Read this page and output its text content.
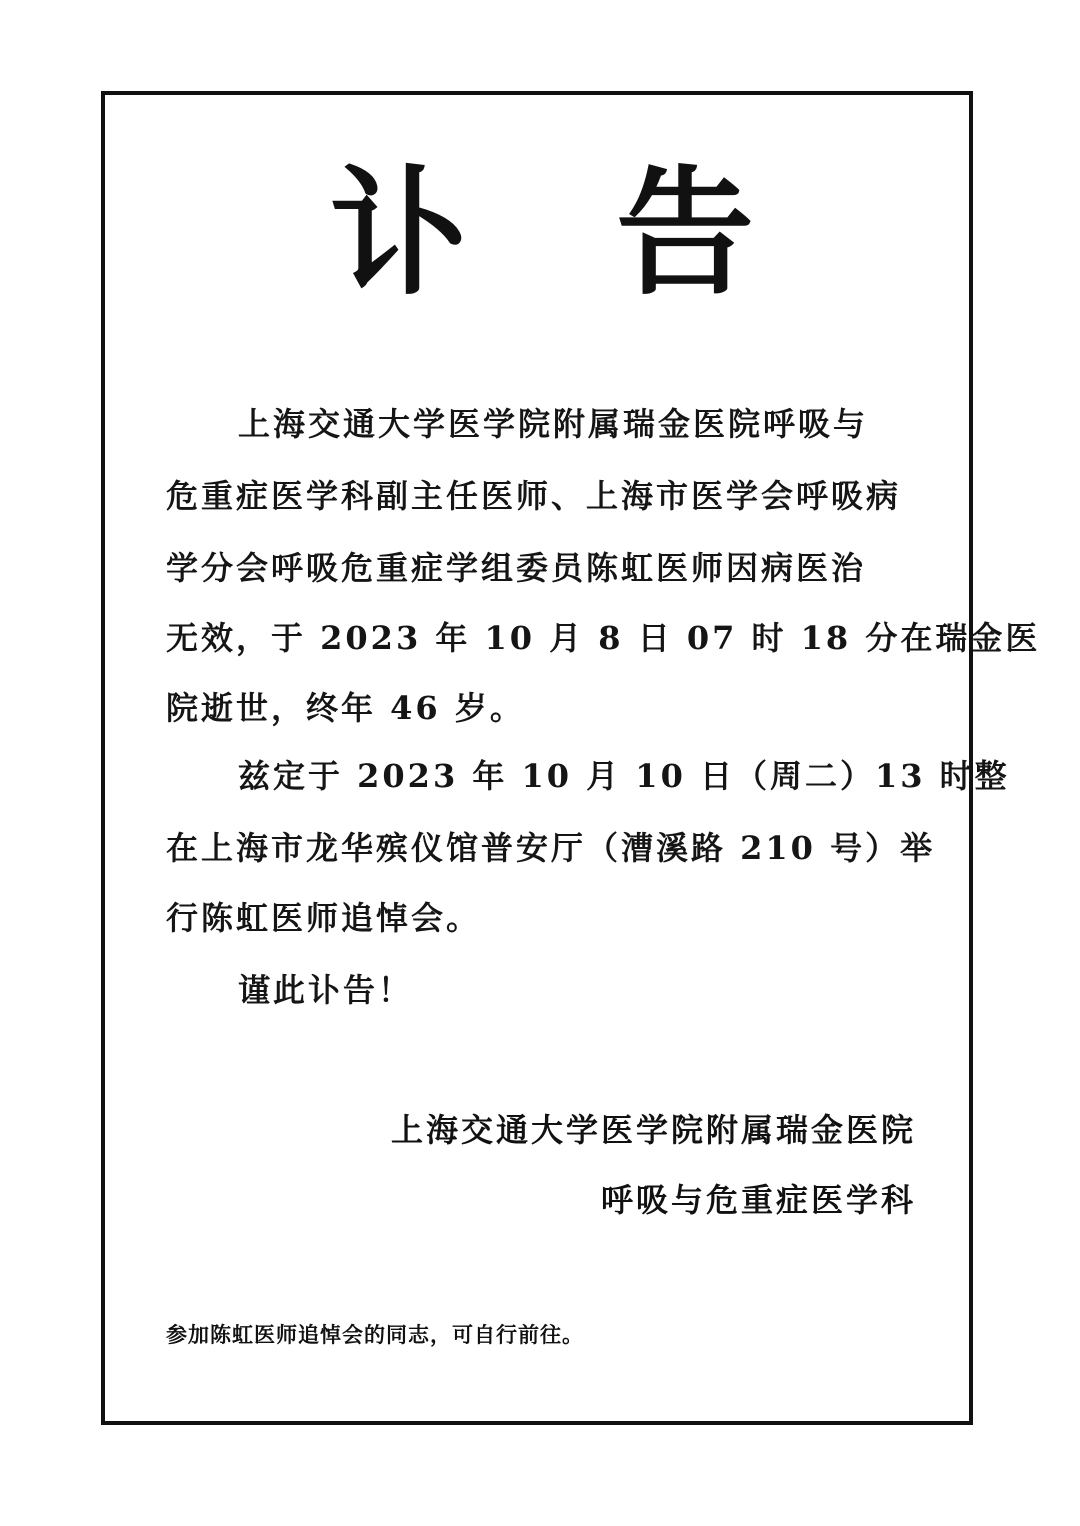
讣 告
上海交通大学医学院附属瑞金医院呼吸与
危重症医学科副主任医师、上海市医学会呼吸病
学分会呼吸危重症学组委员陈虹医师因病医治
无效，于 2023 年 10 月 8 日 07 时 18 分在瑞金医
院逝世，终年 46 岁。
兹定于 2023 年 10 月 10 日（周二）13 时整
在上海市龙华殡仪馆普安厅（漕溪路 210 号）举
行陈虹医师追悼会。
谨此讣告！
上海交通大学医学院附属瑞金医院
呼吸与危重症医学科
参加陈虹医师追悼会的同志，可自行前往。
